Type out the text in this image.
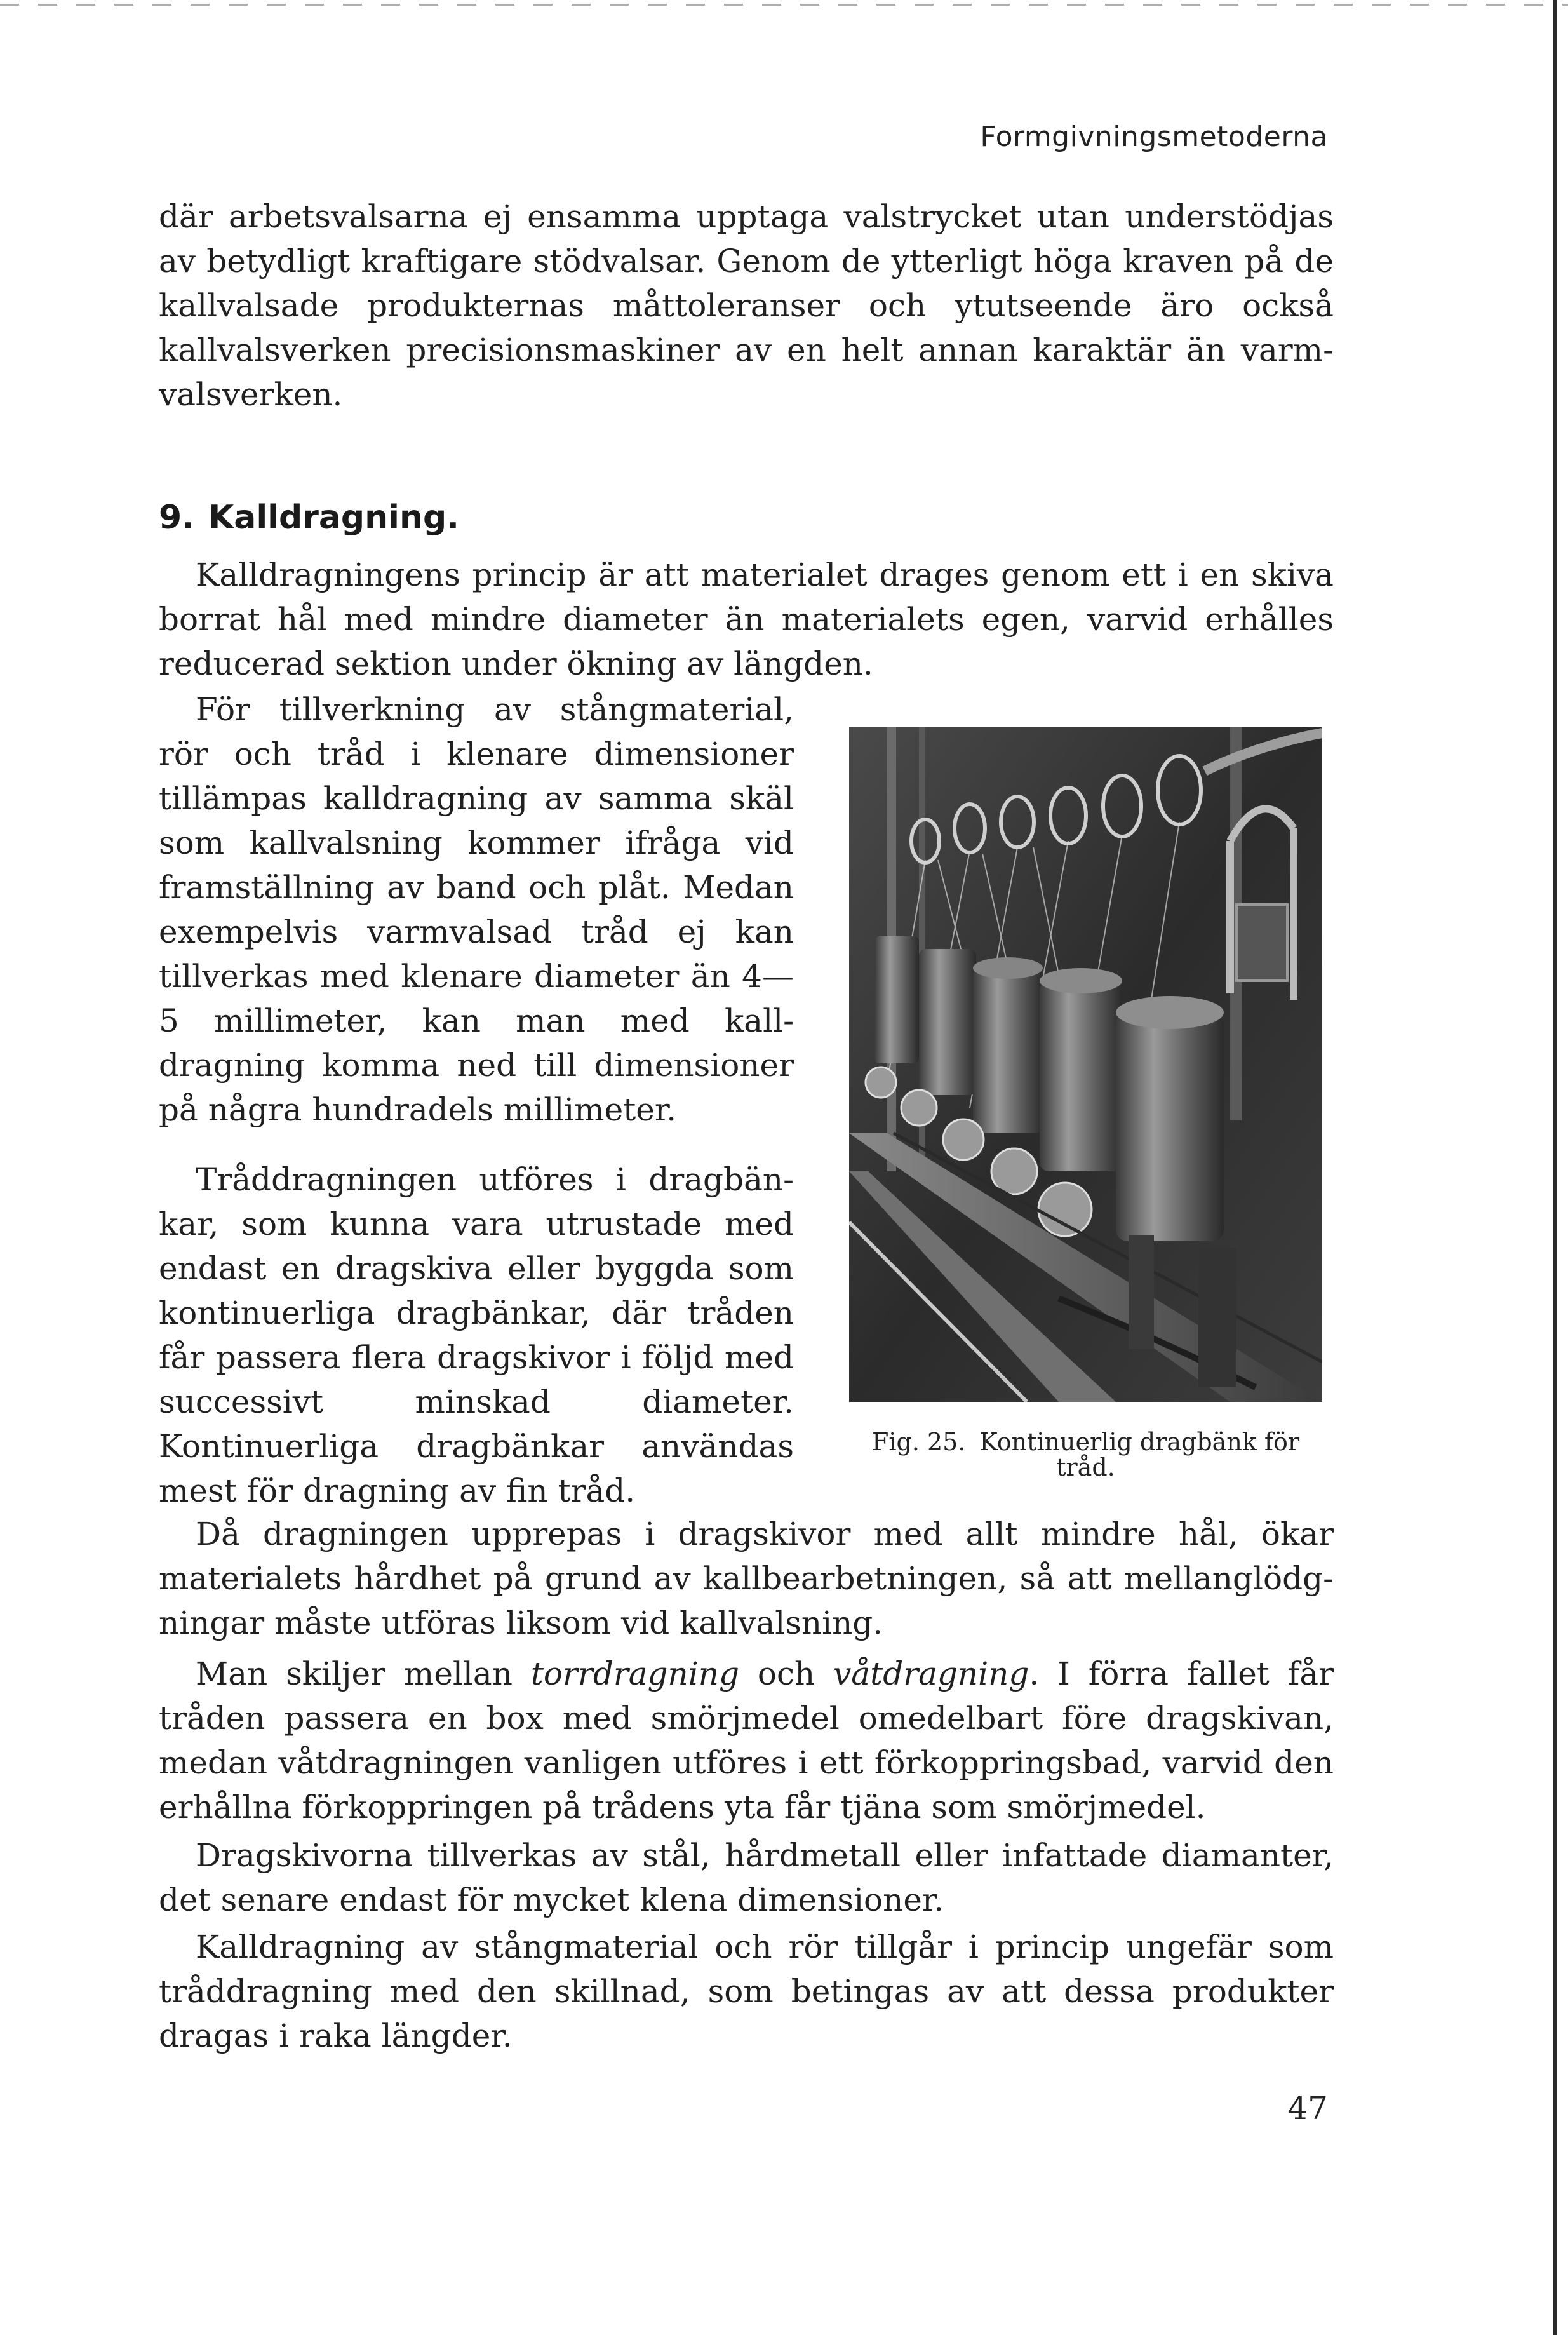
Formgivningsmetoderna

där arbetsvalsarna ej ensamma upptaga valstrycket utan understödjas av betydligt kraftigare stödvalsar. Genom de ytterligt höga kraven på de kallvalsade produkternas måttoleranser och ytutseende äro också kallvalsverken precisionsmaskiner av en helt annan karaktär än varmvalsverken.

9. Kalldragning.

Kalldragningens princip är att materialet drages genom ett i en skiva borrat hål med mindre diameter än materialets egen, varvid erhålles reducerad sektion under ökning av längden.

För tillverkning av stångmaterial, rör och tråd i klenare dimensioner tillämpas kalldragning av samma skäl som kallvalsning kommer ifråga vid framställning av band och plåt. Medan exempelvis varmvalsad tråd ej kan tillverkas med klenare diameter än 4—5 millimeter, kan man med kalldragning komma ned till dimensioner på några hundradels millimeter.

Tråddragningen utföres i dragbänkar, som kunna vara utrustade med endast en dragskiva eller byggda som kontinuerliga dragbänkar, där tråden får passera flera dragskivor i följd med successivt minskad diameter. Kontinuerliga dragbänkar användas mest för dragning av fin tråd.

Fig. 25. Kontinuerlig dragbänk för tråd.

Då dragningen upprepas i dragskivor med allt mindre hål, ökar materialets hårdhet på grund av kallbearbetningen, så att mellanglödgningar måste utföras liksom vid kallvalsning.

Man skiljer mellan torrdragning och våtdragning. I förra fallet får tråden passera en box med smörjmedel omedelbart före dragskivan, medan våtdragningen vanligen utföres i ett förkoppringsbad, varvid den erhållna förkoppringen på trådens yta får tjäna som smörjmedel.

Dragskivorna tillverkas av stål, hårdmetall eller infattade diamanter, det senare endast för mycket klena dimensioner.

Kalldragning av stångmaterial och rör tillgår i princip ungefär som tråddragning med den skillnad, som betingas av att dessa produkter dragas i raka längder.

47
